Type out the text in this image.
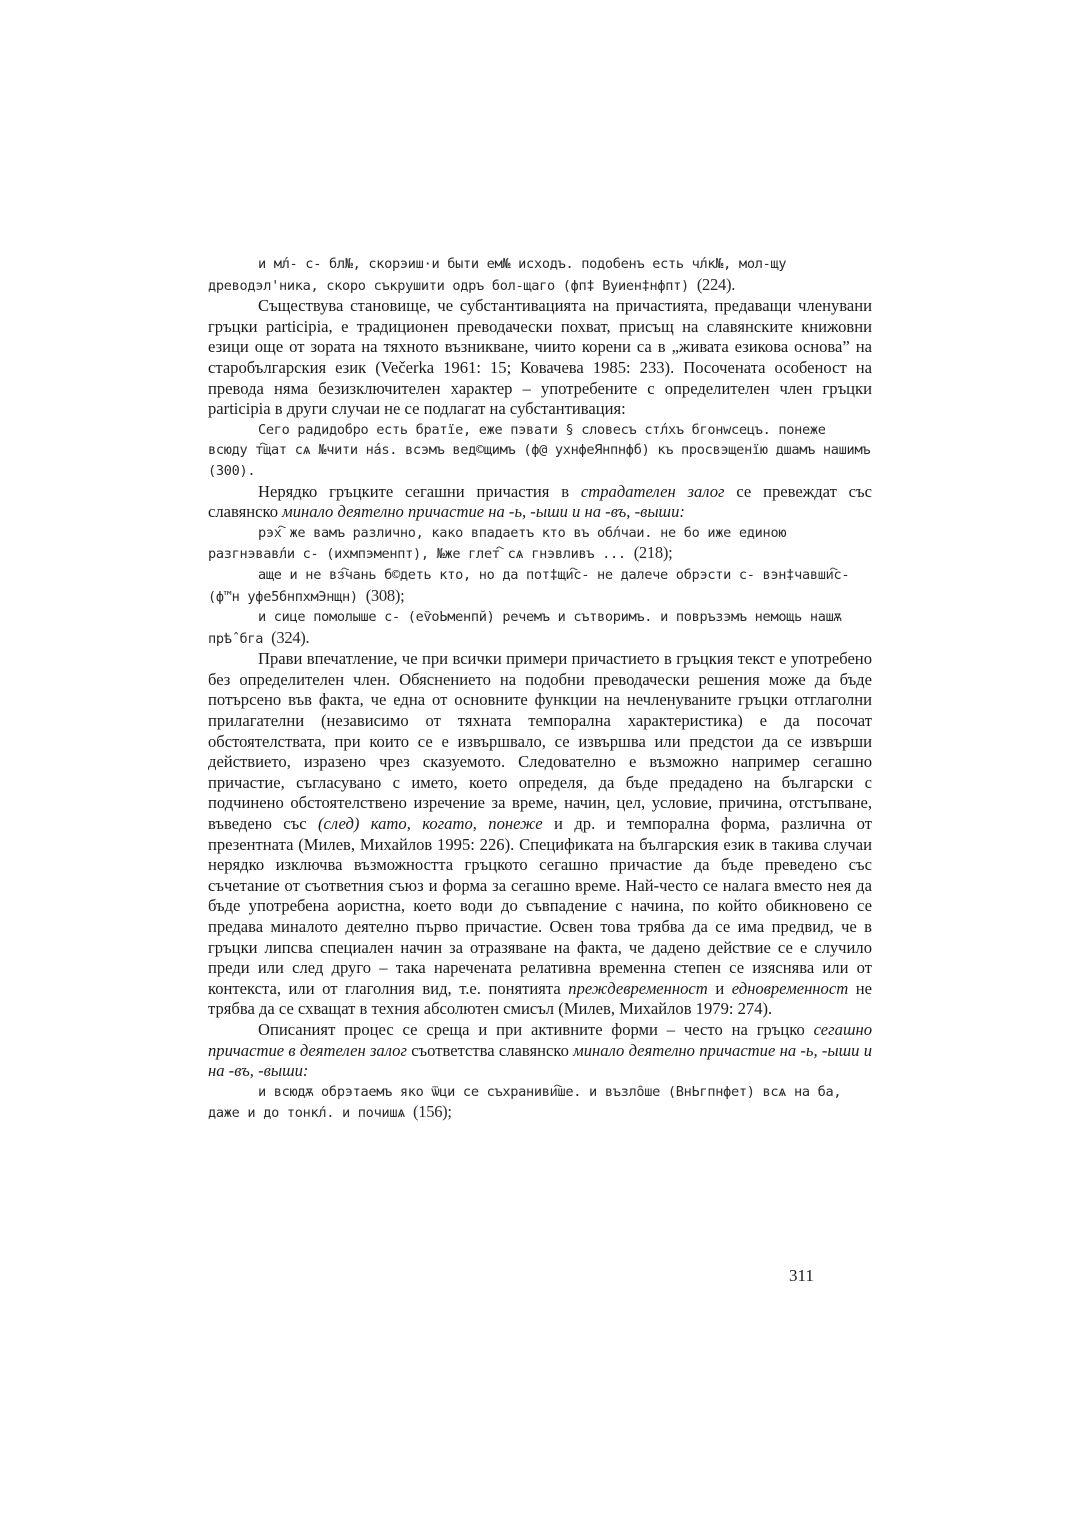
и мл́- с- бл№, скорэиш·и быти ем№ исходъ. подобенъ есть чл́к№, мол-щу древодэл'ника, скоро съкрушити одръ бол-щаго (фп‡ Вуиен‡нфпт) (224).

Съществува становище, че субстантивацията на причастията, предаващи членувани гръцки participia, е традиционен преводачески похват, присъщ на славянските книжовни езици още от зората на тяхното възникване, чиито корени са в „живата езикова основа” на старобългарския език (Večerka 1961: 15; Ковачева 1985: 233). Посочената особеност на превода няма безизключителен характер – употребените с определителен член гръцки participia в други случаи не се подлагат на субстантивация:

Сего радидобро есть братїе, еже пэвати § словесъ стл́хъ бгонwсецъ. понеже всюду т҇щат сѧ №чити на́ѕ. всэмъ вед©щимъ (ф@ ухнфеЯнпнфб) къ просвэщенїю дшамъ нашимъ (300).

Нерядко гръцките сегашни причастия в страдателен залог се превеждат със славянско минало деятелно причастие на -ь, -ыши и на -въ, -выши:

рэх҇ же вамъ различно, како впадаетъ кто въ обл́чаи. не бо иже единою разгнэвавл́и с- (ихмпэменпт), №же глет҇ сѧ гнэвливъ ... (218);

аще и не вз҇чань б©деть кто, но да пот‡щи҇с- не далече обрэсти с- вэн‡чавши҇с- (ф™н уфе5бнпхмЭнщн) (308);

и сице помолыше с- (еѷоЬменпй) речемъ и сътворимъ. и повръзэмъ немощь нашѫ прѣ̂ бга (324).

Прави впечатление, че при всички примери причастието в гръцкия текст е употребено без определителен член. Обяснението на подобни преводачески решения може да бъде потърсено във факта, че една от основните функции на нечленуваните гръцки отглаголни прилагателни (независимо от тяхната темпорална характеристика) е да посочат обстоятелствата, при които се е извършвало, се извършва или предстои да се извърши действието, изразено чрез сказуемото. Следователно е възможно например сегашно причастие, съгласувано с името, което определя, да бъде предадено на български с подчинено обстоятелствено изречение за време, начин, цел, условие, причина, отстъпване, въведено със (след) като, когато, понеже и др. и темпорална форма, различна от презентната (Милев, Михайлов 1995: 226). Спецификата на българския език в такива случаи нерядко изключва възможността гръцкото сегашно причастие да бъде преведено със съчетание от съответния съюз и форма за сегашно време. Най-често се налага вместо нея да бъде употребена аористна, което води до съвпадение с начина, по който обикновено се предава миналото деятелно първо причастие. Освен това трябва да се има предвид, че в гръцки липсва специален начин за отразяване на факта, че дадено действие се е случило преди или след друго – така наречената релативна временна степен се изяснява или от контекста, или от глаголния вид, т.е. понятията преждевременност и едновременност не трябва да се схващат в техния абсолютен смисъл (Милев, Михайлов 1979: 274).

Описаният процес се среща и при активните форми – често на гръцко сегашно причастие в деятелен залог съответства славянско минало деятелно причастие на -ь, -ыши и на -въ, -выши:

и всюдѫ обрэтаемъ яко ѿци се съхраниви҇ше. и възло̑ше (ВнЬгпнфет) всѧ на ба, даже и до тонкл́. и почишѧ (156);

311
